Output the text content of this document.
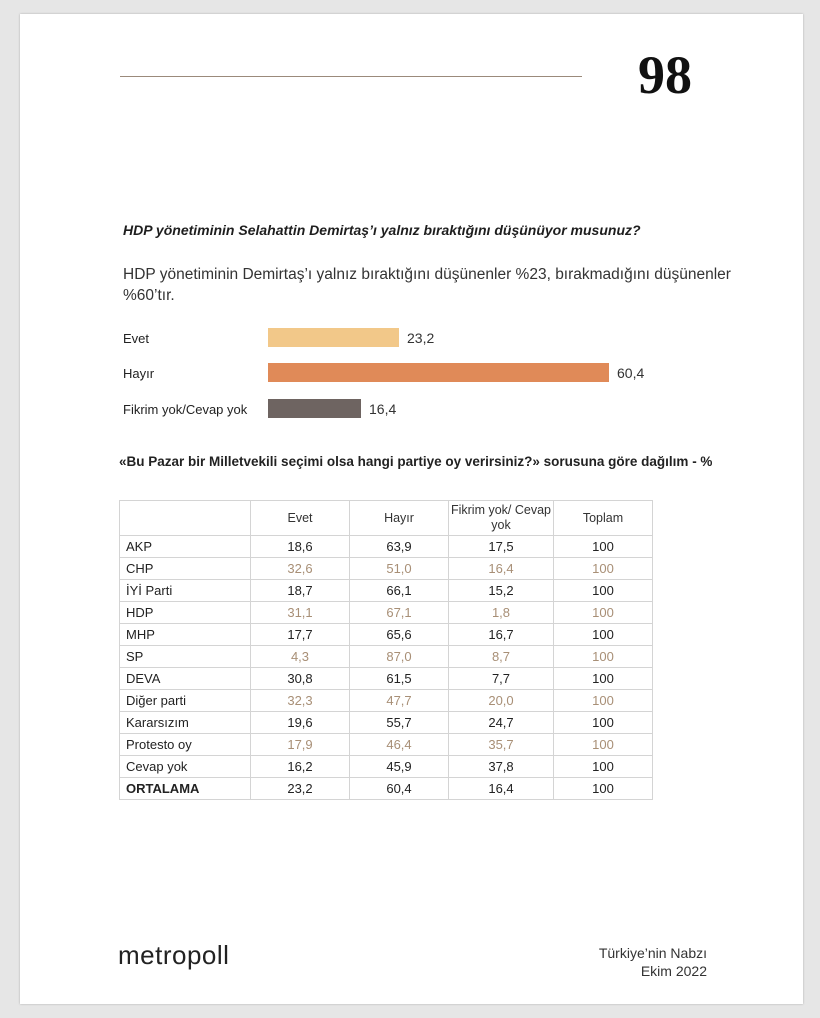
98
HDP yönetiminin Selahattin Demirtaş’ı yalnız bıraktığını düşünüyor musunuz?
HDP yönetiminin Demirtaş’ı yalnız bıraktığını düşünenler %23, bırakmadığını düşünenler %60’tır.
Evet	23,2
Hayır	60,4
Fikrim yok/Cevap yok	16,4
«Bu Pazar bir Milletvekili seçimi olsa hangi partiye oy verirsiniz?» sorusuna göre dağılım - %
	Evet	Hayır	Fikrim yok/ Cevap yok	Toplam
AKP	18,6	63,9	17,5	100
CHP	32,6	51,0	16,4	100
İYİ Parti	18,7	66,1	15,2	100
HDP	31,1	67,1	1,8	100
MHP	17,7	65,6	16,7	100
SP	4,3	87,0	8,7	100
DEVA	30,8	61,5	7,7	100
Diğer parti	32,3	47,7	20,0	100
Kararsızım	19,6	55,7	24,7	100
Protesto oy	17,9	46,4	35,7	100
Cevap yok	16,2	45,9	37,8	100
ORTALAMA	23,2	60,4	16,4	100
metropoll	Türkiye’nin Nabzı
Ekim 2022
